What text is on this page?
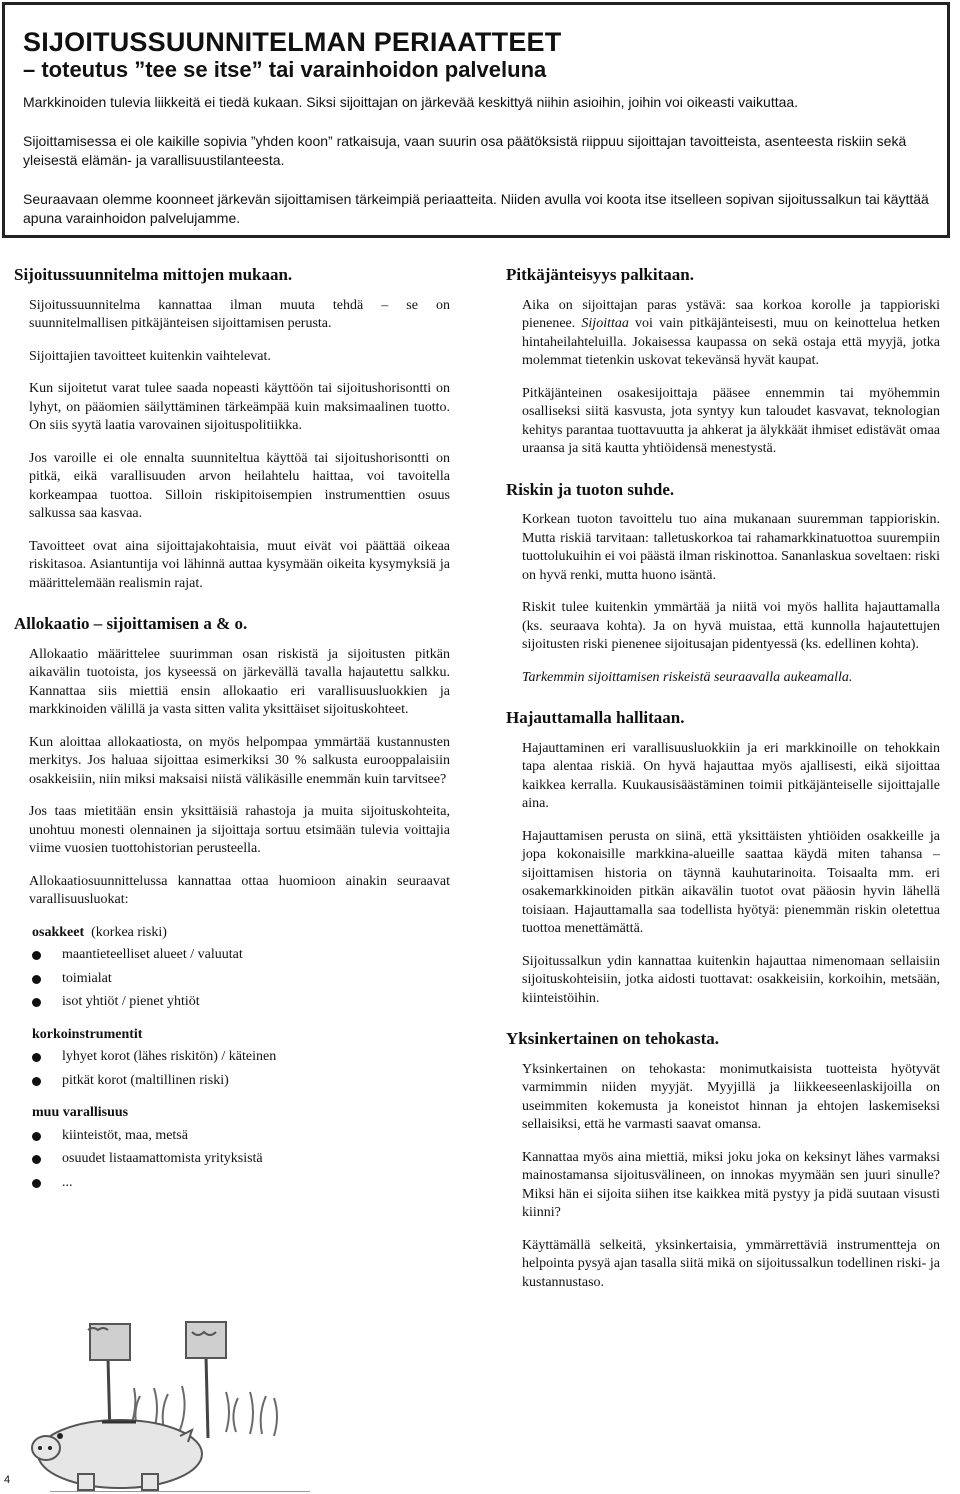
SIJOITUSSUUNNITELMAN PERIAATTEET
– toteutus ”tee se itse” tai varainhoidon palveluna

Markkinoiden tulevia liikkeitä ei tiedä kukaan. Siksi sijoittajan on järkevää keskittyä niihin asioihin, joihin voi oikeasti vaikuttaa.

Sijoittamisessa ei ole kaikille sopivia ”yhden koon” ratkaisuja, vaan suurin osa päätöksistä riippuu sijoittajan tavoitteista, asenteesta riskiin sekä yleisestä elämän- ja varallisuustilanteesta.

Seuraavaan olemme koonneet järkevän sijoittamisen tärkeimpiä periaatteita. Niiden avulla voi koota itse itselleen sopivan sijoitussalkun tai käyttää apuna varainhoidon palvelujamme.

Sijoitussuunnitelma mittojen mukaan.

Sijoitussuunnitelma kannattaa ilman muuta tehdä – se on suunnitelmallisen pitkäjänteisen sijoittamisen perusta.

Sijoittajien tavoitteet kuitenkin vaihtelevat.

Kun sijoitetut varat tulee saada nopeasti käyttöön tai sijoitushorisontti on lyhyt, on pääomien säilyttäminen tärkeämpää kuin maksimaalinen tuotto. On siis syytä laatia varovainen sijoituspolitiikka.

Jos varoille ei ole ennalta suunniteltua käyttöä tai sijoitushorisontti on pitkä, eikä varallisuuden arvon heilahtelu haittaa, voi tavoitella korkeampaa tuottoa. Silloin riskipitoisempien instrumenttien osuus salkussa saa kasvaa.

Tavoitteet ovat aina sijoittajakohtaisia, muut eivät voi päättää oikeaa riskitasoa. Asiantuntija voi lähinnä auttaa kysymään oikeita kysymyksiä ja määrittelemään realismin rajat.

Allokaatio – sijoittamisen a & o.

Allokaatio määrittelee suurimman osan riskistä ja sijoitusten pitkän aikavälin tuotoista, jos kyseessä on järkevällä tavalla hajautettu salkku. Kannattaa siis miettiä ensin allokaatio eri varallisuusluokkien ja markkinoiden välillä ja vasta sitten valita yksittäiset sijoituskohteet.

Kun aloittaa allokaatiosta, on myös helpompaa ymmärtää kustannusten merkitys. Jos haluaa sijoittaa esimerkiksi 30 % salkusta eurooppalaisiin osakkeisiin, niin miksi maksaisi niistä välikäsille enemmän kuin tarvitsee?

Jos taas mietitään ensin yksittäisiä rahastoja ja muita sijoituskohteita, unohtuu monesti olennainen ja sijoittaja sortuu etsimään tulevia voittajia viime vuosien tuottohistorian perusteella.

Allokaatiosuunnittelussa kannattaa ottaa huomioon ainakin seuraavat varallisuusluokat:

osakkeet (korkea riski)
maantieteelliset alueet / valuutat
toimialat
isot yhtiöt / pienet yhtiöt
korkoinstrumentit
lyhyet korot (lähes riskitön) / käteinen
pitkät korot (maltillinen riski)
muu varallisuus
kiinteistöt, maa, metsä
osuudet listaamattomista yrityksistä
...
Pitkäjänteisyys palkitaan.

Aika on sijoittajan paras ystävä: saa korkoa korolle ja tappioriski pienenee. Sijoittaa voi vain pitkäjänteisesti, muu on keinottelua hetken hintaheilahteluilla. Jokaisessa kaupassa on sekä ostaja että myyjä, jotka molemmat tietenkin uskovat tekevänsä hyvät kaupat.

Pitkäjänteinen osakesijoittaja pääsee ennemmin tai myöhemmin osalliseksi siitä kasvusta, jota syntyy kun taloudet kasvavat, teknologian kehitys parantaa tuottavuutta ja ahkerat ja älykkäät ihmiset edistävät omaa uraansa ja sitä kautta yhtiöidensä menestystä.

Riskin ja tuoton suhde.

Korkean tuoton tavoittelu tuo aina mukanaan suuremman tappioriskin. Mutta riskiä tarvitaan: talletuskorkoa tai rahamarkkinatuottoa suurempiin tuottolukuihin ei voi päästä ilman riskinottoa. Sananlaskua soveltaen: riski on hyvä renki, mutta huono isäntä.

Riskit tulee kuitenkin ymmärtää ja niitä voi myös hallita hajauttamalla (ks. seuraava kohta). Ja on hyvä muistaa, että kunnolla hajautettujen sijoitusten riski pienenee sijoitusajan pidentyessä (ks. edellinen kohta).

Tarkemmin sijoittamisen riskeistä seuraavalla aukeamalla.

Hajauttamalla hallitaan.

Hajauttaminen eri varallisuusluokkiin ja eri markkinoille on tehokkain tapa alentaa riskiä. On hyvä hajauttaa myös ajallisesti, eikä sijoittaa kaikkea kerralla. Kuukausisäästäminen toimii pitkäjänteiselle sijoittajalle aina.

Hajauttamisen perusta on siinä, että yksittäisten yhtiöiden osakkeille ja jopa kokonaisille markkina-alueille saattaa käydä miten tahansa – sijoittamisen historia on täynnä kauhutarinoita. Toisaalta mm. eri osakemarkkinoiden pitkän aikavälin tuotot ovat pääosin hyvin lähellä toisiaan. Hajauttamalla saa todellista hyötyä: pienemmän riskin oletettua tuottoa menettämättä.

Sijoitussalkun ydin kannattaa kuitenkin hajauttaa nimenomaan sellaisiin sijoituskohteisiin, jotka aidosti tuottavat: osakkeisiin, korkoihin, metsään, kiinteistöihin.

Yksinkertainen on tehokasta.

Yksinkertainen on tehokasta: monimutkaisista tuotteista hyötyvät varmimmin niiden myyjät. Myyjillä ja liikkeeseenlaskijoilla on useimmiten kokemusta ja koneistot hinnan ja ehtojen laskemiseksi sellaisiksi, että he varmasti saavat omansa.

Kannattaa myös aina miettiä, miksi joku joka on keksinyt lähes varmaksi mainostamansa sijoitusvälineen, on innokas myymään sen juuri sinulle? Miksi hän ei sijoita siihen itse kaikkea mitä pystyy ja pidä suutaan visusti kiinni?

Käyttämällä selkeitä, yksinkertaisia, ymmärrettäviä instrumentteja on helpointa pysyä ajan tasalla siitä mikä on sijoitussalkun todellinen riski- ja kustannustaso.

4
